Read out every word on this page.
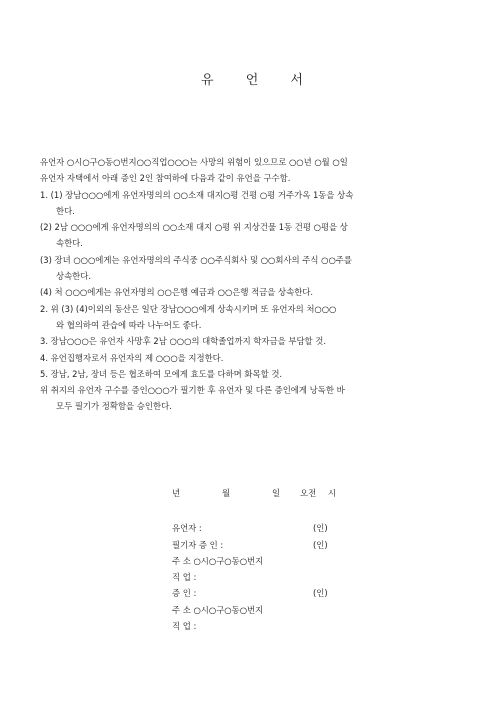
유 언 서
유언자 ○시○구○동○번지○○직업○○○는 사망의 위험이 있으므로 ○○년 ○월 ○일
유언자 자택에서 아래 증인 2인 참여하에 다음과 같이 유언을 구수함.
1. (1) 장남○○○에게 유언자명의의 ○○소재 대지○평 건평 ○평 거주가옥 1동을 상속
한다.
(2) 2남 ○○○에게 유언자명의의 ○○소재 대지 ○평 위 지상건물 1동 건평 ○평을 상
속한다.
(3) 장녀 ○○○에게는 유언자명의의 주식중 ○○주식회사 및 ○○회사의 주식 ○○주를
상속한다.
(4) 처 ○○○에게는 유언자명의 ○○은행 예금과 ○○은행 적금을 상속한다.
2. 위 (3) (4)이외의 동산은 일단 장남○○○에게 상속시키며 또 유언자의 처○○○
와 협의하여 관습에 따라 나누어도 좋다.
3. 장남○○○은 유언자 사망후 2남 ○○○의 대학졸업까지 학자금을 부담할 것.
4. 유언집행자로서 유언자의 제 ○○○을 지정한다.
5. 장남, 2남, 장녀 등은 협조하여 모에게 효도를 다하며 화목할 것.
위 취지의 유언자 구수를 증인○○○가 필기한 후 유언자 및 다른 증인에게 낭독한 바
모두 필기가 정확함을 승인한다.
년	월	일 오전 시
유언자 :	(인)
필기자 증 인 :	(인)
주 소 ○시○구○동○번지
직 업 :
증 인 :	(인)
주 소 ○시○구○동○번지
직 업 :
